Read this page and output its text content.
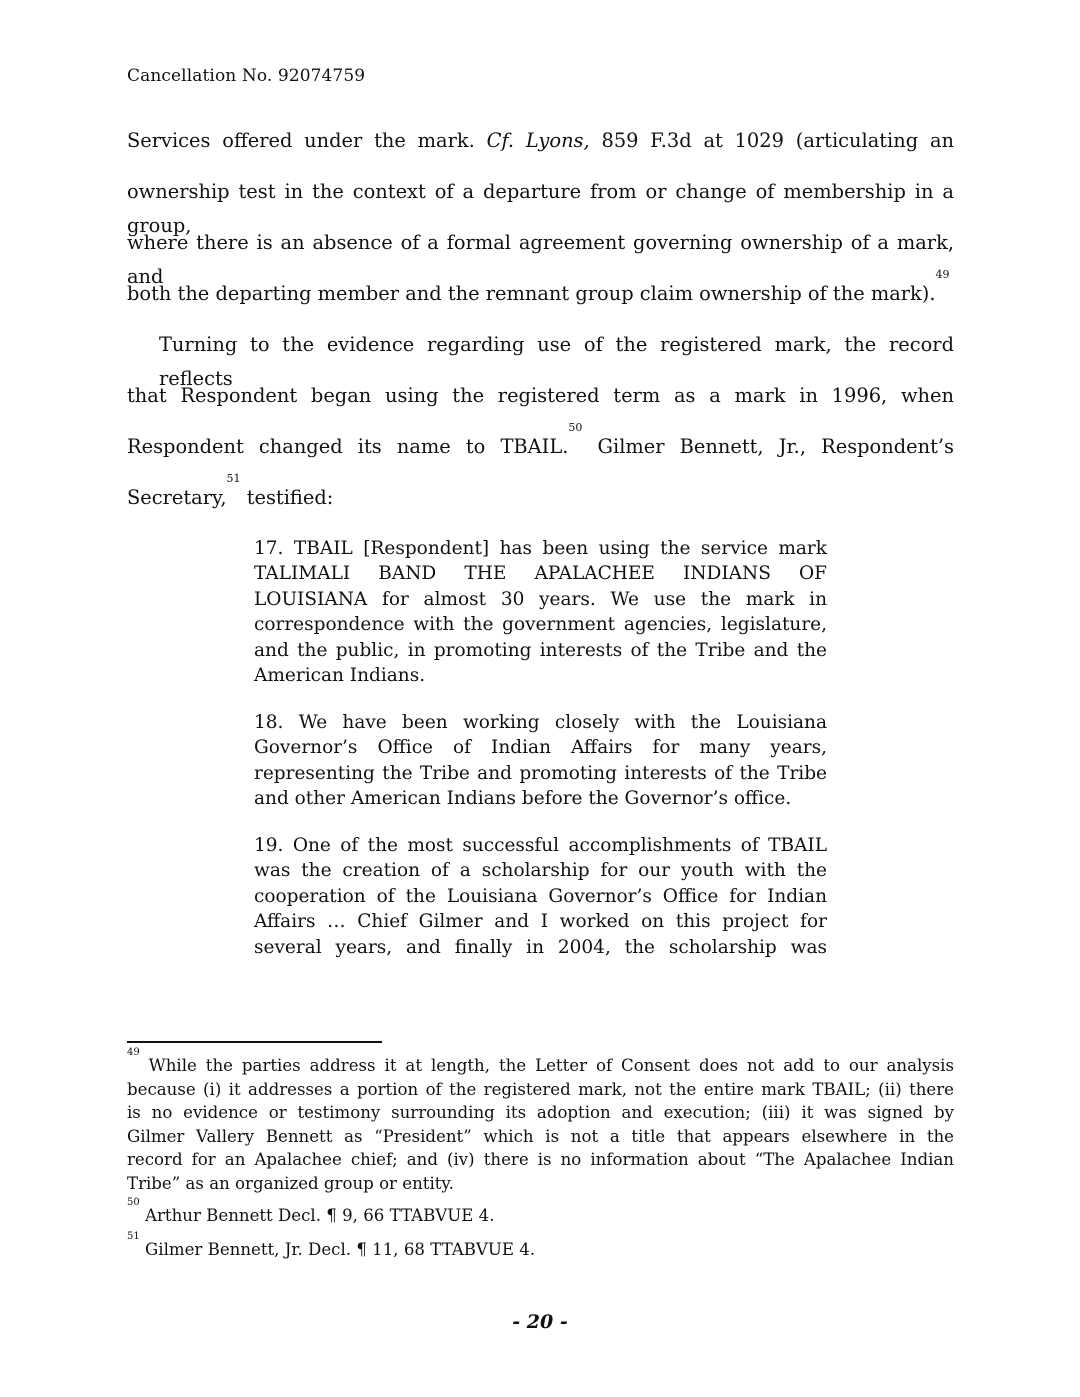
Cancellation No. 92074759

Services offered under the mark. Cf. Lyons, 859 F.3d at 1029 (articulating an
ownership test in the context of a departure from or change of membership in a group,
where there is an absence of a formal agreement governing ownership of a mark, and
both the departing member and the remnant group claim ownership of the mark).$^{49}$

Turning to the evidence regarding use of the registered mark, the record reflects
that Respondent began using the registered term as a mark in 1996, when
Respondent changed its name to TBAIL.$^{50}$ Gilmer Bennett, Jr., Respondent’s
Secretary,$^{51}$ testified:

17. TBAIL [Respondent] has been using the service mark
TALIMALI BAND THE APALACHEE INDIANS OF
LOUISIANA for almost 30 years. We use the mark in
correspondence with the government agencies, legislature,
and the public, in promoting interests of the Tribe and the
American Indians.
18. We have been working closely with the Louisiana
Governor’s Office of Indian Affairs for many years,
representing the Tribe and promoting interests of the Tribe
and other American Indians before the Governor’s office.
19. One of the most successful accomplishments of TBAIL
was the creation of a scholarship for our youth with the
cooperation of the Louisiana Governor’s Office for Indian
Affairs … Chief Gilmer and I worked on this project for
several years, and finally in 2004, the scholarship was
$^{49}$ While the parties address it at length, the Letter of Consent does not add to our analysis
because (i) it addresses a portion of the registered mark, not the entire mark TBAIL; (ii) there
is no evidence or testimony surrounding its adoption and execution; (iii) it was signed by
Gilmer Vallery Bennett as “President” which is not a title that appears elsewhere in the
record for an Apalachee chief; and (iv) there is no information about “The Apalachee Indian
Tribe” as an organized group or entity.
$^{50}$ Arthur Bennett Decl. ¶ 9, 66 TTABVUE 4.
$^{51}$ Gilmer Bennett, Jr. Decl. ¶ 11, 68 TTABVUE 4.
- 20 -
